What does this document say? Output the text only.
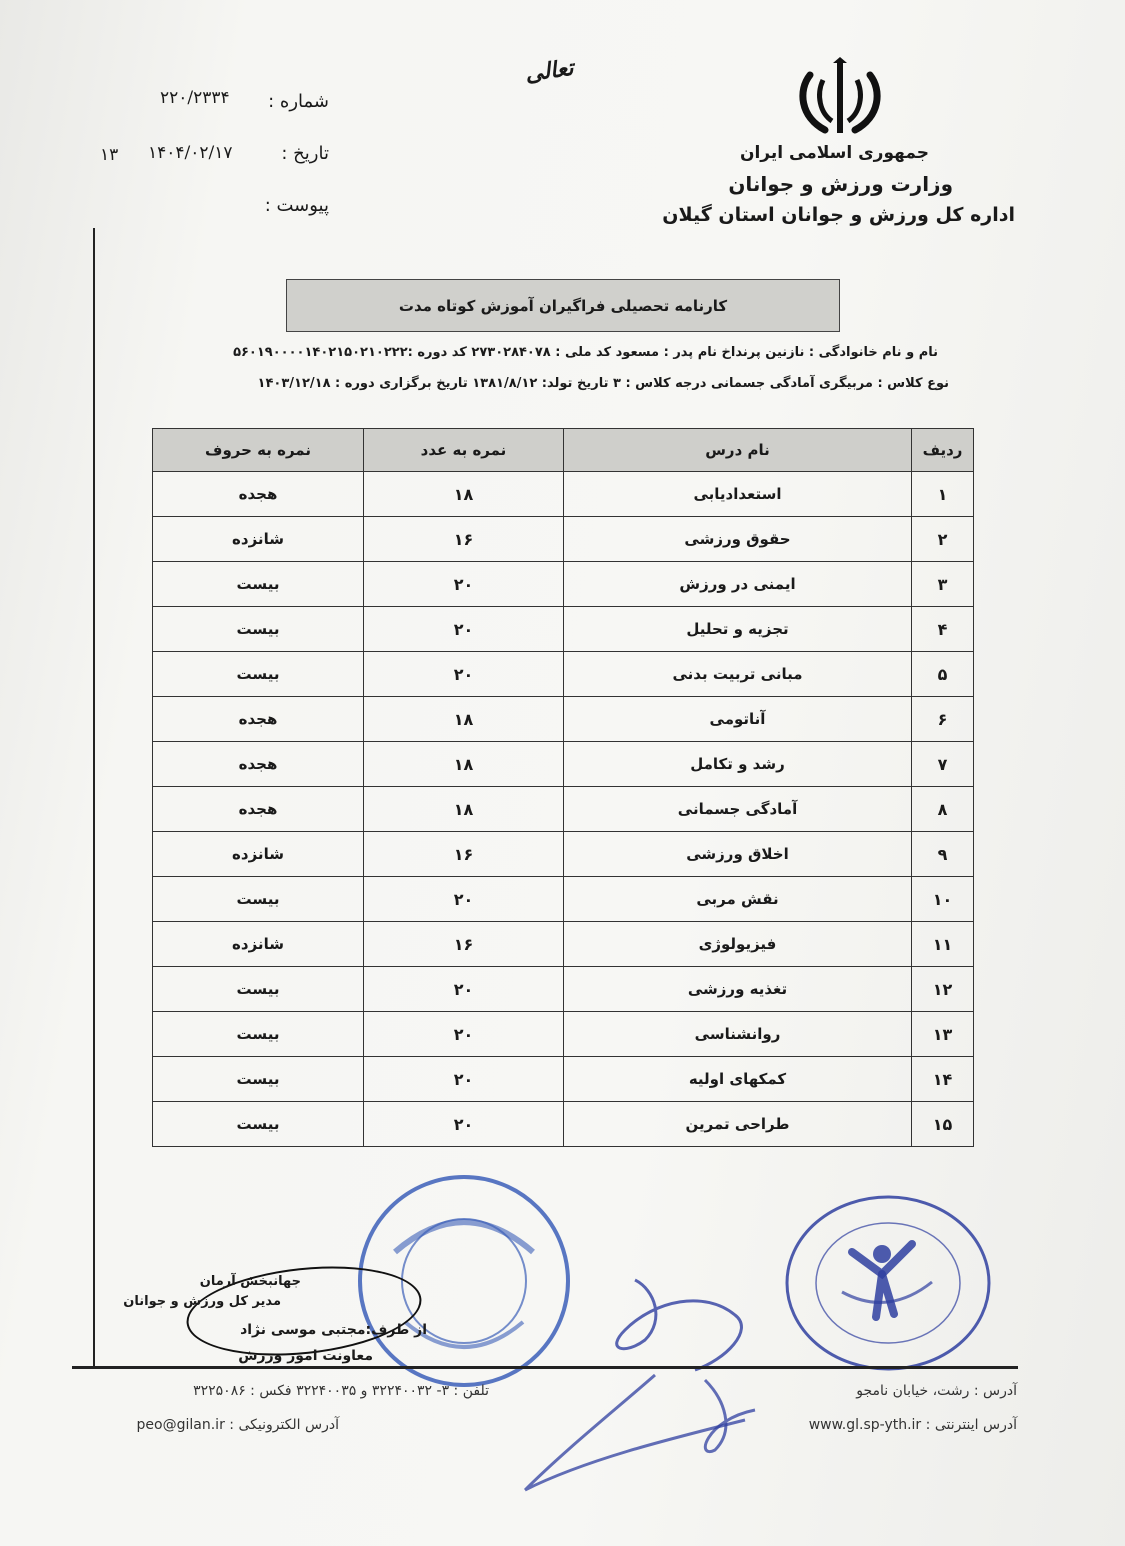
تعالی
جمهوری اسلامی ایران
وزارت ورزش و جوانان
اداره کل ورزش و جوانان استان گیلان
شماره :
۲۲۰/۲۳۳۴
تاریخ :
۱۴۰۴/۰۲/۱۷
۱۳
پیوست :
کارنامه تحصیلی فراگیران آموزش کوتاه مدت
نام و نام خانوادگی : نازنین پرنداخ نام پدر : مسعود کد ملی : ۲۷۳۰۲۸۴۰۷۸ کد دوره :۵۶۰۱۹۰۰۰۰۱۴۰۲۱۵۰۲۱۰۲۲۲
نوع کلاس : مربیگری آمادگی جسمانی درجه کلاس : ۳ تاریخ تولد: ۱۳۸۱/۸/۱۲ تاریخ برگزاری دوره : ۱۴۰۳/۱۲/۱۸
ردیف	نام درس	نمره به عدد	نمره به حروف
۱	استعدادیابی	۱۸	هجده
۲	حقوق ورزشی	۱۶	شانزده
۳	ایمنی در ورزش	۲۰	بیست
۴	تجزیه و تحلیل	۲۰	بیست
۵	مبانی تربیت بدنی	۲۰	بیست
۶	آناتومی	۱۸	هجده
۷	رشد و تکامل	۱۸	هجده
۸	آمادگی جسمانی	۱۸	هجده
۹	اخلاق ورزشی	۱۶	شانزده
۱۰	نقش مربی	۲۰	بیست
۱۱	فیزیولوژی	۱۶	شانزده
۱۲	تغذیه ورزشی	۲۰	بیست
۱۳	روانشناسی	۲۰	بیست
۱۴	کمکهای اولیه	۲۰	بیست
۱۵	طراحی تمرین	۲۰	بیست
جهانبخش آرمان
مدیر کل ورزش و جوانان
از طرف:مجتبی موسی نژاد
معاونت امور ورزش
آدرس : رشت، خیابان نامجو
تلفن : ۳- ۳۲۲۴۰۰۳۲ و ۳۲۲۴۰۰۳۵ فکس : ۳۲۲۵۰۸۶
آدرس اینترنتی : www.gl.sp-yth.ir
آدرس الکترونیکی : peo@gilan.ir
